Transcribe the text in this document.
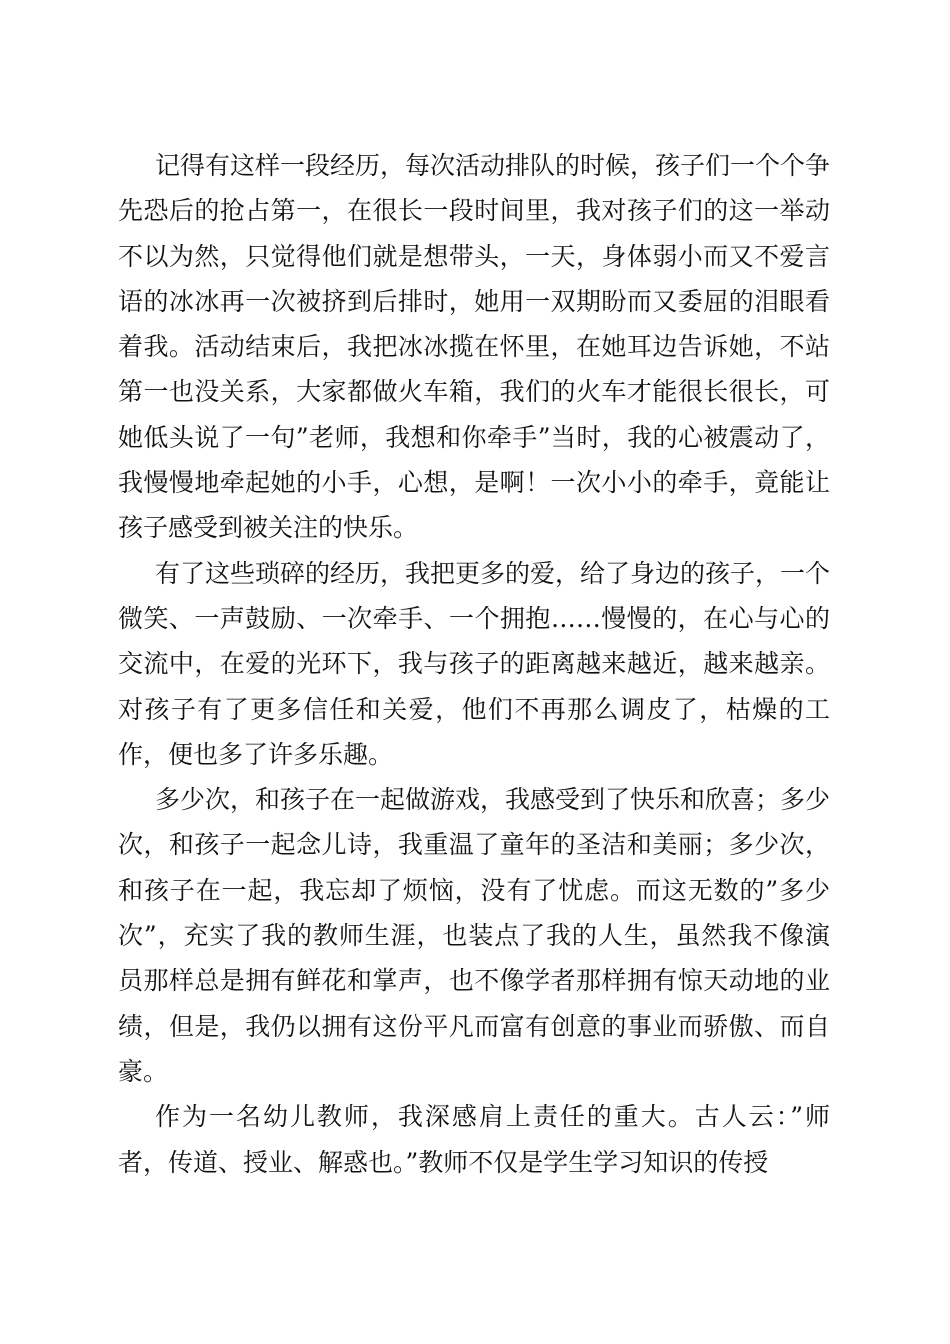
记得有这样一段经历，每次活动排队的时候，孩子们一个个争先恐后的抢占第一，在很长一段时间里，我对孩子们的这一举动不以为然，只觉得他们就是想带头，一天，身体弱小而又不爱言语的冰冰再一次被挤到后排时，她用一双期盼而又委屈的泪眼看着我。活动结束后，我把冰冰揽在怀里，在她耳边告诉她，不站第一也没关系，大家都做火车箱，我们的火车才能很长很长，可她低头说了一句”老师，我想和你牵手”当时，我的心被震动了，我慢慢地牵起她的小手，心想，是啊！一次小小的牵手，竟能让孩子感受到被关注的快乐。

有了这些琐碎的经历，我把更多的爱，给了身边的孩子，一个微笑、一声鼓励、一次牵手、一个拥抱……慢慢的，在心与心的交流中，在爱的光环下，我与孩子的距离越来越近，越来越亲。对孩子有了更多信任和关爱，他们不再那么调皮了，枯燥的工作，便也多了许多乐趣。

多少次，和孩子在一起做游戏，我感受到了快乐和欣喜；多少次，和孩子一起念儿诗，我重温了童年的圣洁和美丽；多少次，和孩子在一起，我忘却了烦恼，没有了忧虑。而这无数的”多少次”，充实了我的教师生涯，也装点了我的人生，虽然我不像演员那样总是拥有鲜花和掌声，也不像学者那样拥有惊天动地的业绩，但是，我仍以拥有这份平凡而富有创意的事业而骄傲、而自豪。

作为一名幼儿教师，我深感肩上责任的重大。古人云：”师者，传道、授业、解惑也。”教师不仅是学生学习知识的传授
